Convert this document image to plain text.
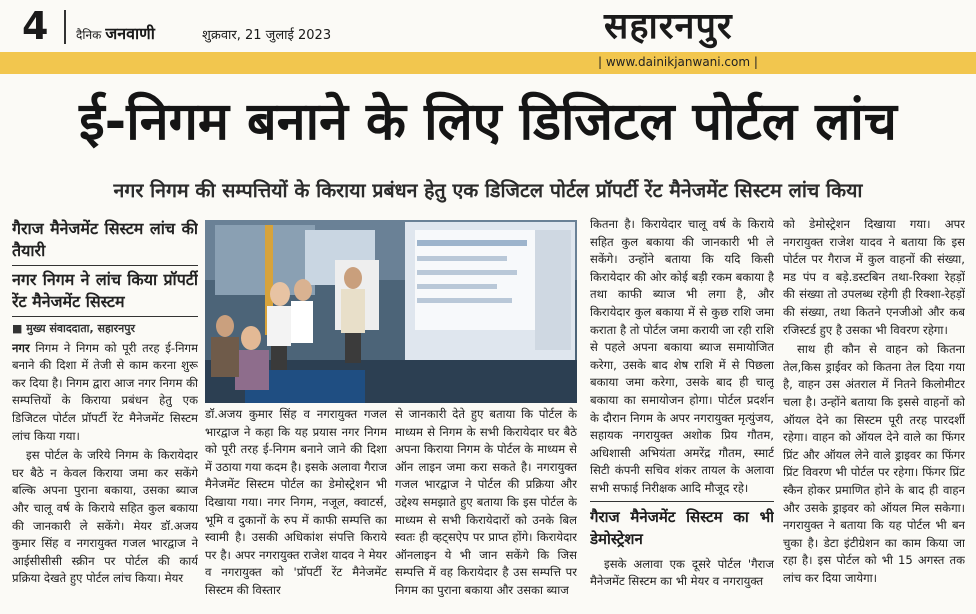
4 दैनिक जनवाणी	शुक्रवार, 21 जुलाई 2023	सहारनपुर
| www.dainikjanwani.com |
ई-निगम बनाने के लिए डिजिटल पोर्टल लांच
नगर निगम की सम्पत्तियों के किराया प्रबंधन हेतु एक डिजिटल पोर्टल प्रॉपर्टी रेंट मैनेजमेंट सिस्टम लांच किया
गैराज मैनेजमेंट सिस्टम लांच की तैयारी
नगर निगम ने लांच किया प्रॉपर्टी रेंट मैनेजमेंट सिस्टम
■ मुख्य संवाददाता, सहारनपुर

नगर निगम ने निगम को पूरी तरह ई-निगम बनाने की दिशा में तेजी से काम करना शुरू कर दिया है। निगम द्वारा आज नगर निगम की सम्पत्तियों के किराया प्रबंधन हेतु एक डिजिटल पोर्टल प्रॉपर्टी रेंट मैनेजमेंट सिस्टम लांच किया गया।

इस पोर्टल के जरिये निगम के किरायेदार घर बैठे न केवल किराया जमा कर सकेंगे बल्कि अपना पुराना बकाया, उसका ब्याज और चालू वर्ष के किराये सहित कुल बकाया की जानकारी ले सकेंगे। मेयर डॉ.अजय कुमार सिंह व नगरायुक्त गजल भारद्वाज ने आईसीसीसी स्क्रीन पर पोर्टल की कार्य प्रक्रिया देखते हुए पोर्टल लांच किया। मेयर

डॉ.अजय कुमार सिंह व नगरायुक्त गजल भारद्वाज ने कहा कि यह प्रयास नगर निगम को पूरी तरह ई-निगम बनाने जाने की दिशा में उठाया गया कदम है। इसके अलावा गैराज मैनेजमेंट सिस्टम पोर्टल का डेमोस्ट्रेशन भी दिखाया गया। नगर निगम, नजूल, क्वाटर्स, भूमि व दुकानों के रुप में काफी सम्पत्ति का स्वामी है। उसकी अधिकांश संपत्ति किराये पर है। अपर नगरायुक्त राजेश यादव ने मेयर व नगरायुक्त को 'प्रॉपर्टी रेंट मैनेजमेंट सिस्टम की विस्तार

से जानकारी देते हुए बताया कि पोर्टल के माध्यम से निगम के सभी किरायेदार घर बैठे अपना किराया निगम के पोर्टल के माध्यम से ऑन लाइन जमा करा सकते है। नगरायुक्त गजल भारद्वाज ने पोर्टल की प्रक्रिया और उद्देश्य समझाते हुए बताया कि इस पोर्टल के माध्यम से सभी किरायेदारों को उनके बिल स्वतः ही व्हट्सऐप पर प्राप्त होंगे। किरायेदार ऑनलाइन ये भी जान सकेंगे कि जिस सम्पत्ति में वह किरायेदार है उस सम्पत्ति पर निगम का पुराना बकाया और उसका ब्याज

कितना है। किरायेदार चालू वर्ष के किराये सहित कुल बकाया की जानकारी भी ले सकेंगे। उन्होंने बताया कि यदि किसी किरायेदार की ओर कोई बड़ी रकम बकाया है तथा काफी ब्याज भी लगा है, और किरायेदार कुल बकाया में से कुछ राशि जमा कराता है तो पोर्टल जमा करायी जा रही राशि से पहले अपना बकाया ब्याज समायोजित करेगा, उसके बाद शेष राशि में से पिछला बकाया जमा करेगा, उसके बाद ही चालू बकाया का समायोजन होगा। पोर्टल प्रदर्शन के दौरान निगम के अपर नगरायुक्त मृत्युंजय, सहायक नगरायुक्त अशोक प्रिय गौतम, अधिशासी अभियंता अमरेंद्र गौतम, स्मार्ट सिटी कंपनी सचिव शंकर तायल के अलावा सभी सफाई निरीक्षक आदि मौजूद रहे।

गैराज मैनेजमेंट सिस्टम का भी डेमोस्ट्रेशन

इसके अलावा एक दूसरे पोर्टल 'गैराज मैनेजमेंट सिस्टम का भी मेयर व नगरायुक्त

को डेमोस्ट्रेशन दिखाया गया। अपर नगरायुक्त राजेश यादव ने बताया कि इस पोर्टल पर गैराज में कुल वाहनों की संख्या, मड पंप व बड़े.डस्टबिन तथा-रिक्शा रेहड़ों की संख्या तो उपलब्ध रहेगी ही रिक्शा-रेहड़ों की संख्या, तथा कितने एनजीओ और कब रजिस्टर्ड हुए है उसका भी विवरण रहेगा।

साथ ही कौन से वाहन को कितना तेल,किस ड्राईवर को कितना तेल दिया गया है, वाहन उस अंतराल में नितने किलोमीटर चला है। उन्होंने बताया कि इससे वाहनों को ऑयल देने का सिस्टम पूरी तरह पारदर्शी रहेगा। वाहन को ऑयल देने वाले का फिंगर प्रिंट और ऑयल लेने वाले ड्राइवर का फिंगर प्रिंट विवरण भी पोर्टल पर रहेगा। फिंगर प्रिंट स्कैन होकर प्रमाणित होने के बाद ही वाहन और उसके ड्राइवर को ऑयल मिल सकेगा। नगरायुक्त ने बताया कि यह पोर्टल भी बन चुका है। डेटा इंटीग्रेशन का काम किया जा रहा है। इस पोर्टल को भी 15 अगस्त तक लांच कर दिया जायेगा।
